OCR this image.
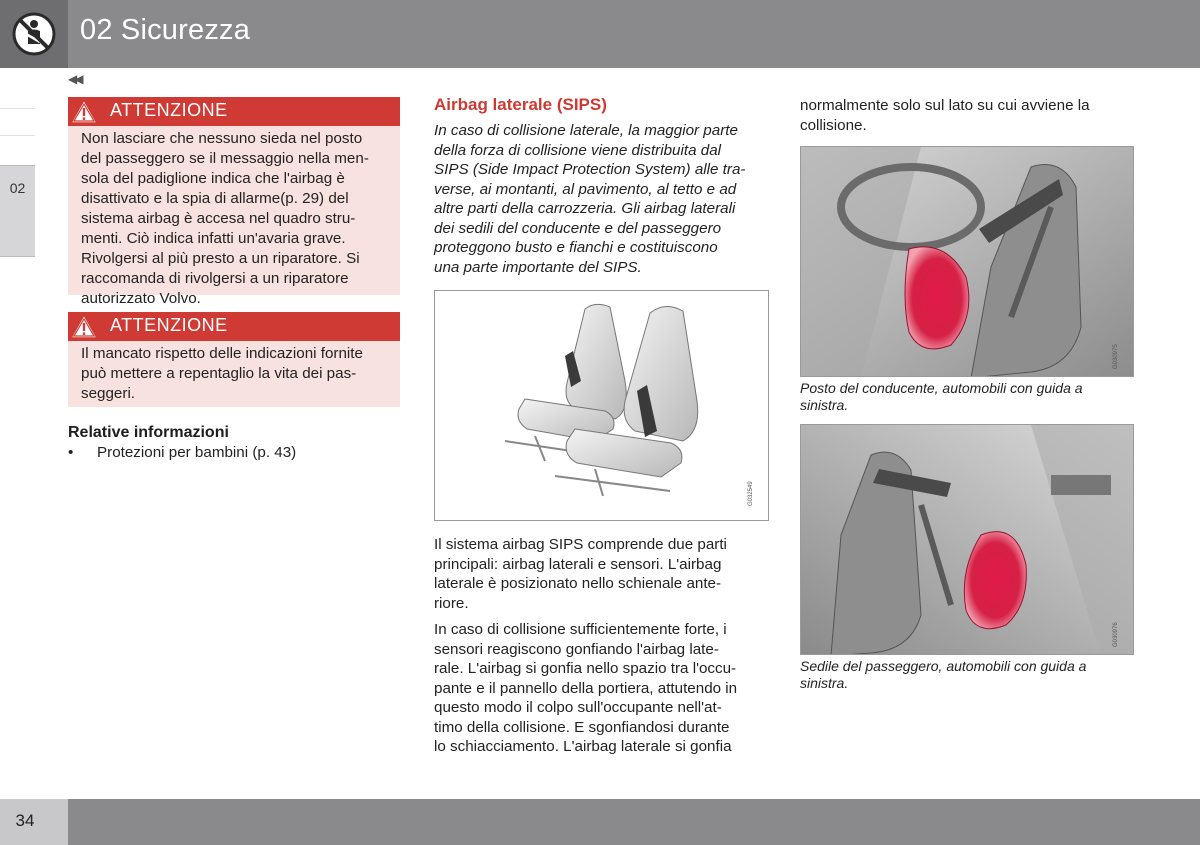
02 Sicurezza
02
◀◀
ATTENZIONE
Non lasciare che nessuno sieda nel posto
del passeggero se il messaggio nella men-
sola del padiglione indica che l'airbag è
disattivato e la spia di allarme(p. 29) del
sistema airbag è accesa nel quadro stru-
menti. Ciò indica infatti un'avaria grave.
Rivolgersi al più presto a un riparatore. Si
raccomanda di rivolgersi a un riparatore
autorizzato Volvo.
ATTENZIONE
Il mancato rispetto delle indicazioni fornite
può mettere a repentaglio la vita dei pas-
seggeri.
Relative informazioni
• Protezioni per bambini (p. 43)
Airbag laterale (SIPS)
In caso di collisione laterale, la maggior parte
della forza di collisione viene distribuita dal
SIPS (Side Impact Protection System) alle tra-
verse, ai montanti, al pavimento, al tetto e ad
altre parti della carrozzeria. Gli airbag laterali
dei sedili del conducente e del passeggero
proteggono busto e fianchi e costituiscono
una parte importante del SIPS.
G032549
Il sistema airbag SIPS comprende due parti
principali: airbag laterali e sensori. L'airbag
laterale è posizionato nello schienale ante-
riore.
In caso di collisione sufficientemente forte, i
sensori reagiscono gonfiando l'airbag late-
rale. L'airbag si gonfia nello spazio tra l'occu-
pante e il pannello della portiera, attutendo in
questo modo il colpo sull'occupante nell'at-
timo della collisione. E sgonfiandosi durante
lo schiacciamento. L'airbag laterale si gonfia
normalmente solo sul lato su cui avviene la
collisione.
G030975
Posto del conducente, automobili con guida a
sinistra.
G030976
Sedile del passeggero, automobili con guida a
sinistra.
34
